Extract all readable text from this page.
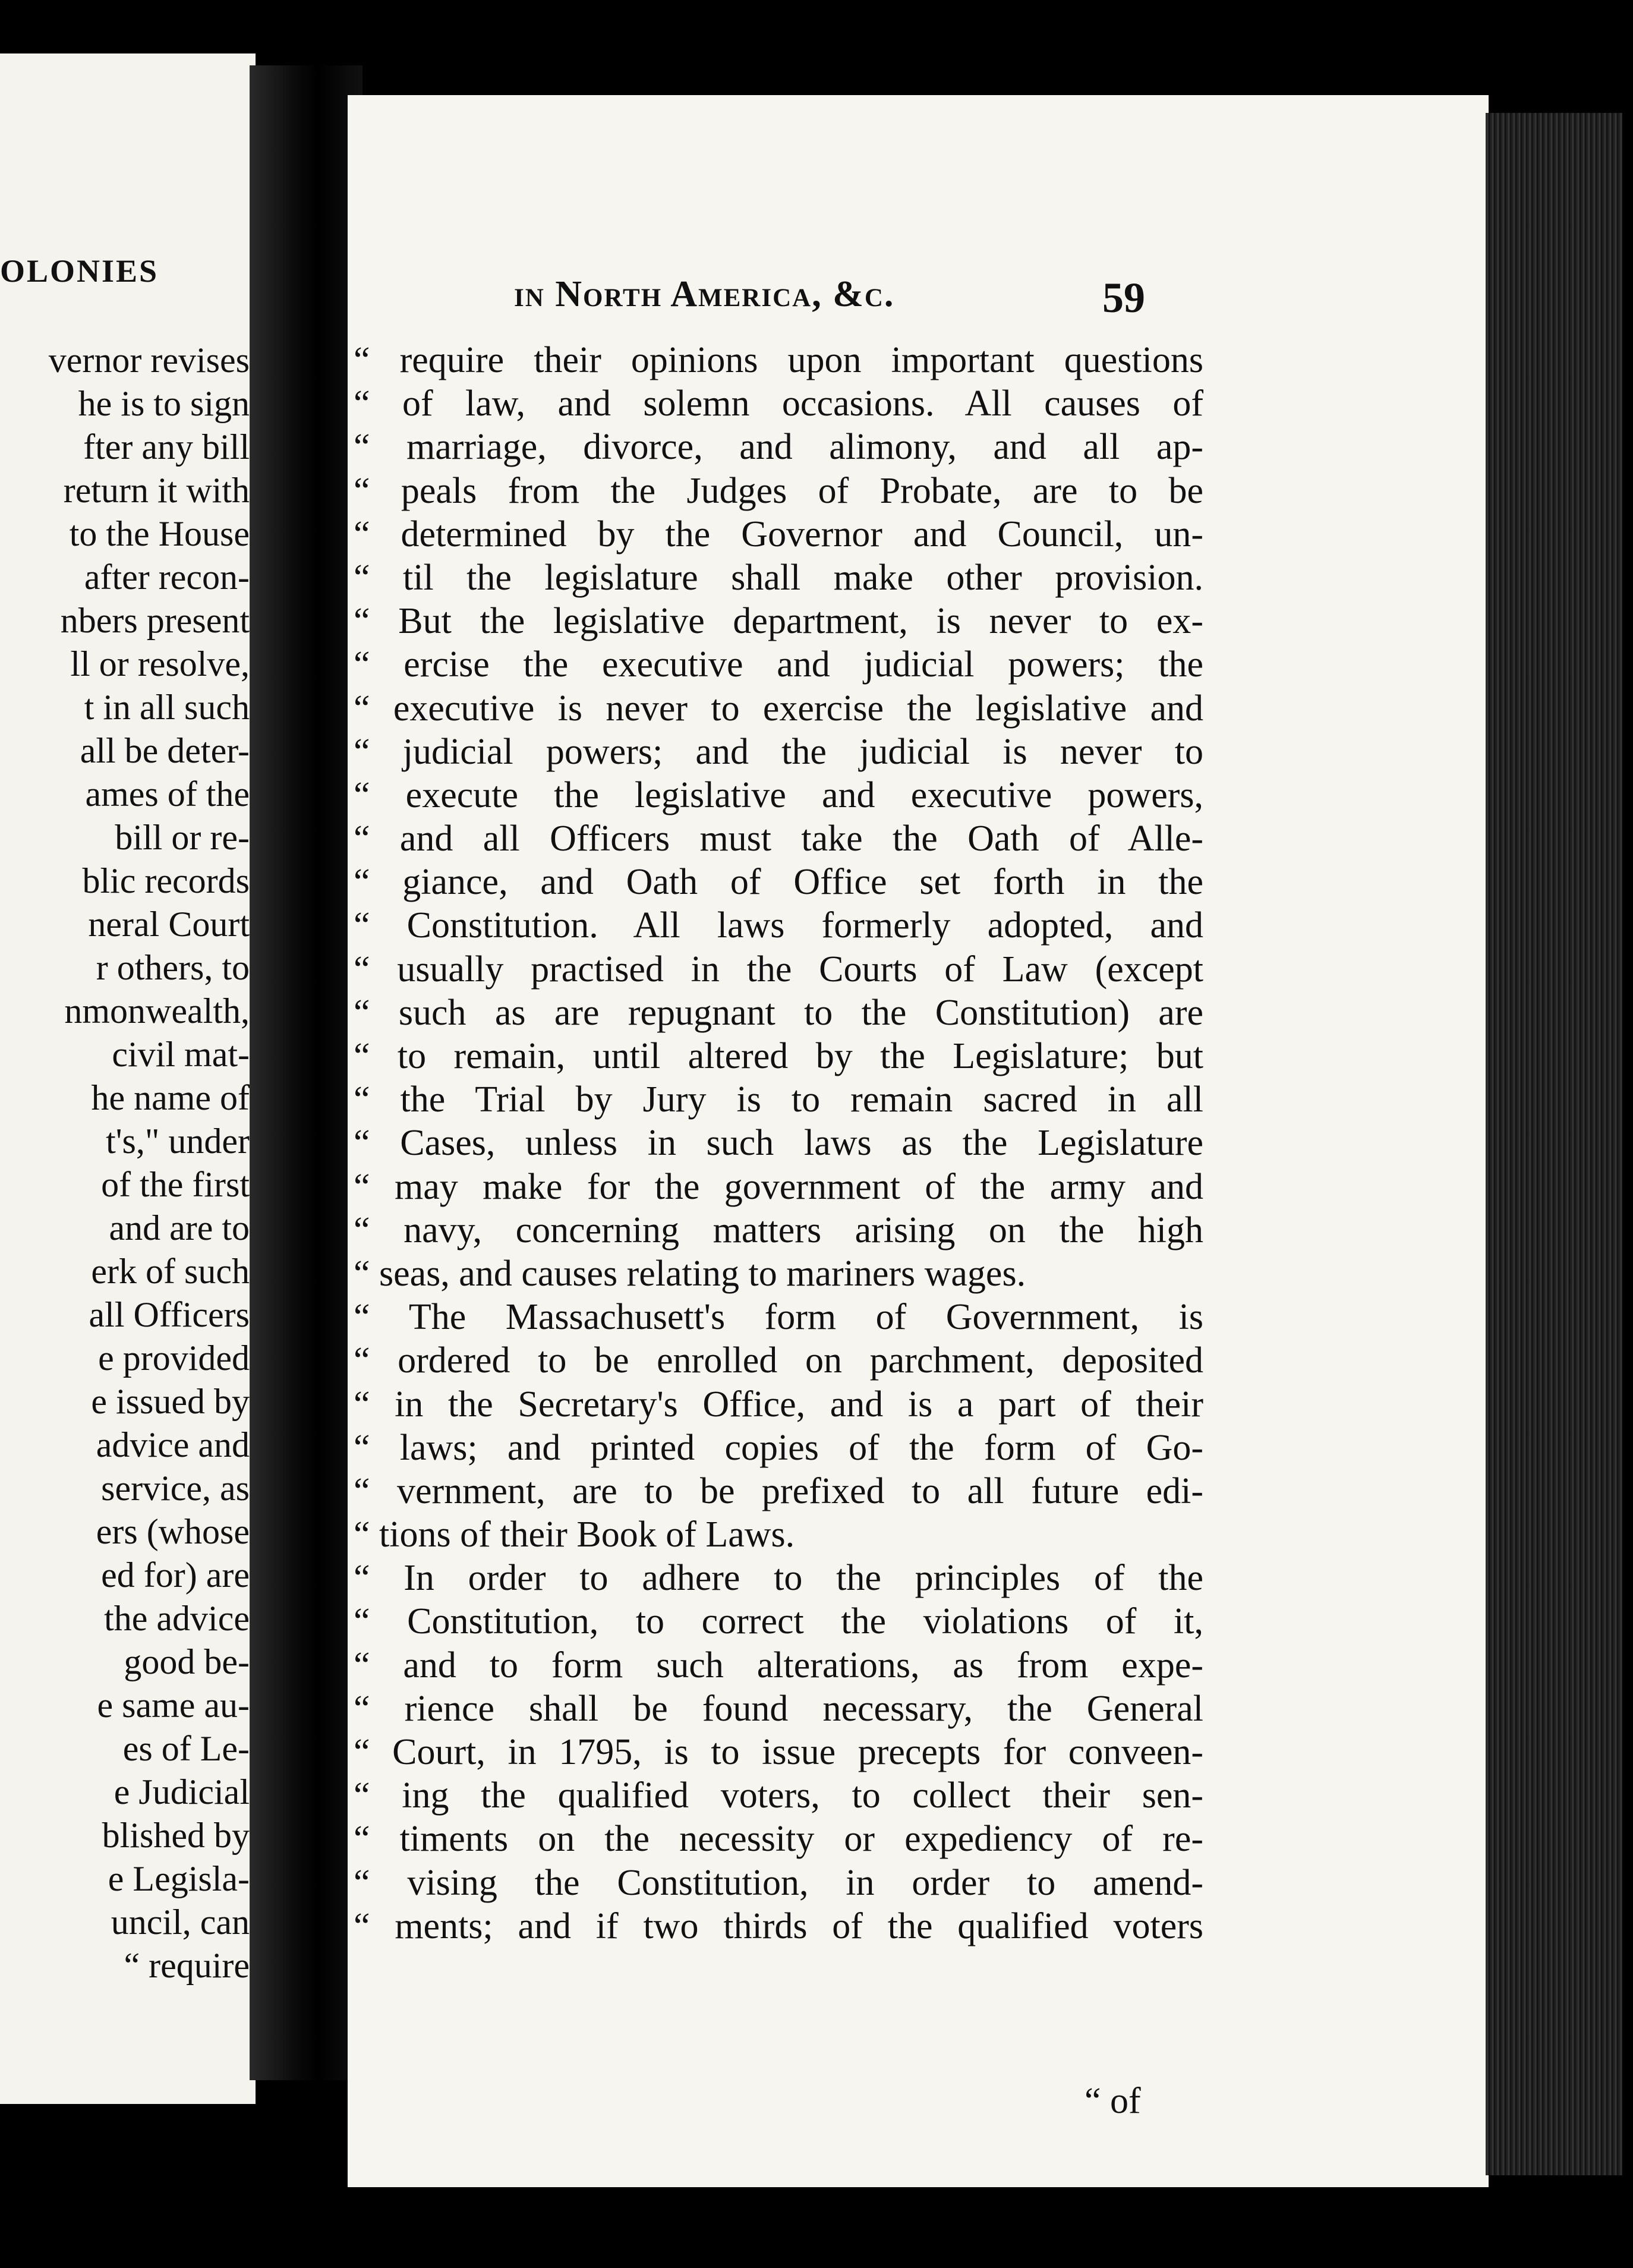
OLONIES
vernor revises
he is to sign
fter any bill
return it with
to the House
after recon-
nbers present
ll or resolve,
t in all such
all be deter-
ames of the
bill or re-
blic records
neral Court
r others, to
nmonwealth,
civil mat-
he name of
t's," under
of the first
and are to
erk of such
all Officers
e provided
e issued by
advice and
service, as
ers (whose
ed for) are
the advice
good be-
e same au-
es of Le-
e Judicial
blished by
e Legisla-
uncil, can
“ require
in North America, &c.	59
“ require their opinions upon important questions
“ of law, and solemn occasions. All causes of
“ marriage, divorce, and alimony, and all ap-
“ peals from the Judges of Probate, are to be
“ determined by the Governor and Council, un-
“ til the legislature shall make other provision.
“ But the legislative department, is never to ex-
“ ercise the executive and judicial powers; the
“ executive is never to exercise the legislative and
“ judicial powers; and the judicial is never to
“ execute the legislative and executive powers,
“ and all Officers must take the Oath of Alle-
“ giance, and Oath of Office set forth in the
“ Constitution. All laws formerly adopted, and
“ usually practised in the Courts of Law (except
“ such as are repugnant to the Constitution) are
“ to remain, until altered by the Legislature; but
“ the Trial by Jury is to remain sacred in all
“ Cases, unless in such laws as the Legislature
“ may make for the government of the army and
“ navy, concerning matters arising on the high
“ seas, and causes relating to mariners wages.
“ The Massachusett's form of Government, is
“ ordered to be enrolled on parchment, deposited
“ in the Secretary's Office, and is a part of their
“ laws; and printed copies of the form of Go-
“ vernment, are to be prefixed to all future edi-
“ tions of their Book of Laws.
“ In order to adhere to the principles of the
“ Constitution, to correct the violations of it,
“ and to form such alterations, as from expe-
“ rience shall be found necessary, the General
“ Court, in 1795, is to issue precepts for conveen-
“ ing the qualified voters, to collect their sen-
“ timents on the necessity or expediency of re-
“ vising the Constitution, in order to amend-
“ ments; and if two thirds of the qualified voters
“ of
